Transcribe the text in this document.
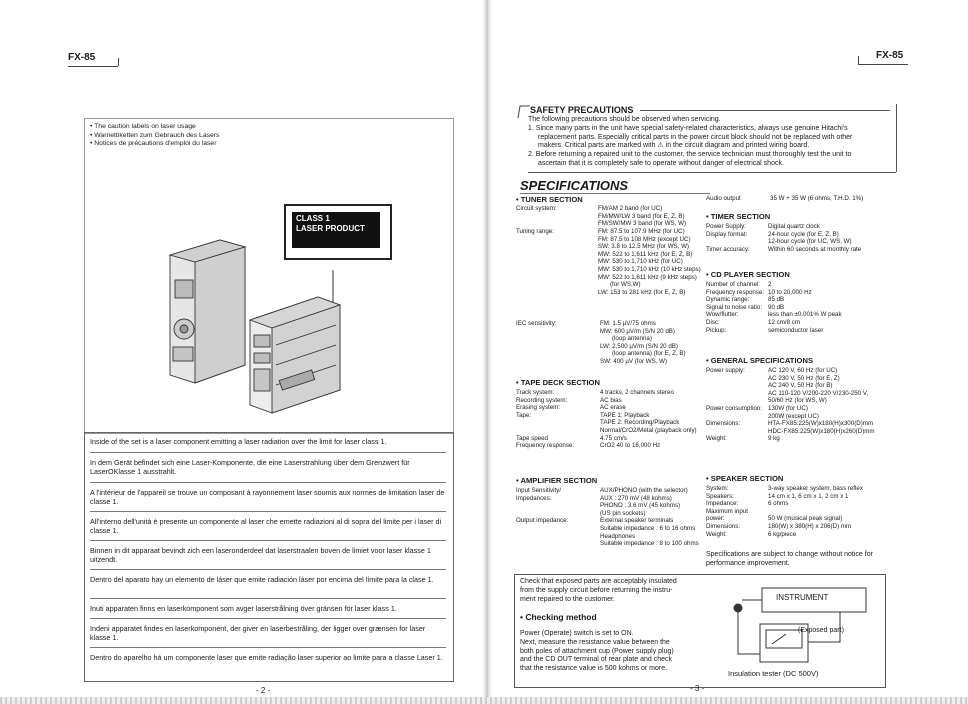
FX-85
• The caution labels on laser usage
• Warnettiketten zum Gebrauch des Lasers
• Notices de précautions d'emploi du laser
CLASS 1
LASER PRODUCT
Inside of the set is a laser component emitting a laser radiation over the limit for laser class 1.
In dem Gerät befindet sich eine Laser-Komponente, die eine Laserstrahlung über dem Grenzwert für LaserOKlasse 1 ausstrahlt.
A l'intérieur de l'appareil se trouve un composant à rayonnement laser soumis aux normes de limitation laser de classe 1.
All'interno dell'unità è presente un componente al laser che emette radiazioni al di sopra del limite per i laser di classe 1.
Binnen in dit apparaat bevindt zich een laseronderdeel dat laserstraalen boven de limiet voor laser klasse 1 uitzendt.
Dentro del aparato hay un elemento de láser que emite radiación láser por encima del límite para la clase 1.
Inuti apparaten finns en laserkomponent som avger laserstrålning över gränsen för laser klass 1.
Indeni apparatet findes en laserkomponent, der giver en laserbestråling, der ligger over grænsen for laser klasse 1.
Dentro do aparelho há um componente laser que emite radiação laser superior ao limite para a classe Laser 1.
- 2 -
FX-85
SAFETY PRECAUTIONS
The following precautions should be observed when servicing.
1. Since many parts in the unit have special safety-related characteristics, always use genuine Hitachi's
replacement parts. Especially critical parts in the power circuit block should not be replaced with other
makers. Critical parts are marked with ⚠ in the circuit diagram and printed wiring board.
2. Before returning a repaired unit to the customer, the service technician must thoroughly test the unit to
ascertain that it is completely safe to operate without danger of electrical shock.
SPECIFICATIONS
• TUNER SECTION
Circuit system:	FM/AM 2 band (for UC)
FM/MW/LW 3 band (for E, Z, B)
FM/SW/MW 3 band (for WS, W)
Tuning range:	FM: 87.5 to 107.9 MHz (for UC)
FM: 87.5 to 108 MHz (except UC)
SW: 3.8 to 12.5 MHz (for WS, W)
MW: 522 to 1,611 kHz (for E, Z, B)
MW: 530 to 1,710 kHz (for UC)
MW: 530 to 1,710 kHz (10 kHz steps)
MW: 522 to 1,611 kHz (9 kHz steps)
(for WS,W)
LW: 153 to 281 kHz (for E, Z, B)
IEC sensitivity:	FM: 1.5 µV/75 ohms
MW: 600 µV/m (S/N 20 dB)
(loop antenna)
LW: 2,500 µV/m (S/N 20 dB)
(loop antenna) (for E, Z, B)
SW: 400 µV (for WS, W)
• TAPE DECK SECTION
Track system:	4 tracks, 2 channels stereo
Recording system:	AC bias
Erasing system:	AC erase
Tape:	TAPE 1: Playback
TAPE 2: Recording/Playback
Normal/CrO2/Metal (playback only)
Tape speed	4.75 cm/s
Frequency response:	CrO2 40 to 16,000 Hz
• AMPLIFIER SECTION
Input Sensitivity/	AUX/PHONO (with the selector)
Impedances:	AUX : 270 mV (48 kohms)
PHONO : 3.6 mV (45 kohms)
(US pin sockets)
Output impedance:	External speaker terminals
Suitable impedance : 6 to 16 ohms
Headphones
Suitable impedance : 8 to 100 ohms
Audio output	35 W + 35 W (6 ohms, T.H.D. 1%)
• TIMER SECTION
Power Supply:	Digital quartz clock
Display format:	24-hour cycle (for E, Z, B)
12-hour cycle (for UC, WS, W)
Timer accuracy:	Within 60 seconds at monthly rate
• CD PLAYER SECTION
Number of channel: 2
Frequency response: 10 to 20,000 Hz
Dynamic range:	85 dB
Signal to noise ratio: 90 dB
Wow/flutter:	less than ±0.001% W peak
Disc:	12 cm/8 cm
Pickup:	semiconductor laser
• GENERAL SPECIFICATIONS
Power supply:	AC 120 V, 60 Hz (for UC)
AC 230 V, 50 Hz (for E, Z)
AC 240 V, 50 Hz (for B)
AC 110-120 V/200-220 V/230-250 V,
50/60 Hz (for WS, W)
Power consumption: 130W (for UC)
200W (except UC)
Dimensions:	HTA-FX85:225(W)x180(H)x300(D)mm
HDC-FX85:225(W)x180(H)x260(D)mm
Weight:	9 kg
• SPEAKER SECTION
System:	3-way speaker system, bass reflex
Speakers:	14 cm x 1, 6 cm x 1, 2 cm x 1
Impedance:	6 ohms
Maximum input
power:	50 W (musical peak signal)
Dimensions:	180(W) x 380(H) x 206(D) mm
Weight:	6 kg/piece
Specifications are subject to change without notice for
performance improvement.
Check that exposed parts are acceptably insulated
from the supply circuit before returning the instru-
ment repaired to the customer.
• Checking method
Power (Operate) switch is set to ON.
Next, measure the resistance value between the
both poles of attachment cup (Power supply plug)
and the CD OUT terminal of rear plate and check
that the resistance value is 500 kohms or more.
INSTRUMENT
(Exposed part)
Insulation tester (DC 500V)
- 3 -
